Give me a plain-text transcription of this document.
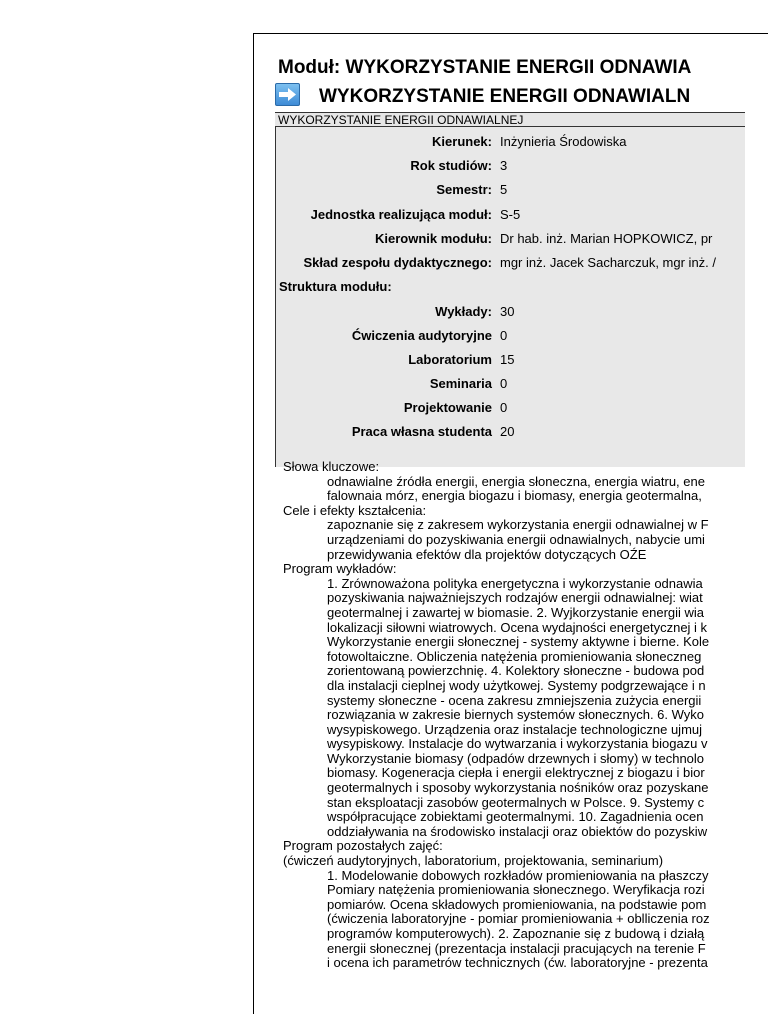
Moduł: WYKORZYSTANIE ENERGII ODNAWIA
WYKORZYSTANIE ENERGII ODNAWIALN
WYKORZYSTANIE ENERGII ODNAWIALNEJ
Kierunek: Inżynieria Środowiska
Rok studiów: 3
Semestr: 5
Jednostka realizująca moduł: S-5
Kierownik modułu: Dr hab. inż. Marian HOPKOWICZ, pr
Skład zespołu dydaktycznego: mgr inż. Jacek Sacharczuk, mgr inż. /
Struktura modułu:
Wykłady: 30
Ćwiczenia audytoryjne 0
Laboratorium 15
Seminaria 0
Projektowanie 0
Praca własna studenta 20
Słowa kluczowe:
odnawialne źródła energii, energia słoneczna, energia wiatru, ene
falownaia mórz, energia biogazu i biomasy, energia geotermalna,
Cele i efekty kształcenia:
zapoznanie się z zakresem wykorzystania energii odnawialnej w F
urządzeniami do pozyskiwania energii odnawialnych, nabycie umi
przewidywania efektów dla projektów dotyczących OŹE
Program wykładów:
1. Zrównoważona polityka energetyczna i wykorzystanie odnawia
pozyskiwania najważniejszych rodzajów energii odnawialnej: wiat
geotermalnej i zawartej w biomasie. 2. Wyjkorzystanie energii wia
lokalizacji siłowni wiatrowych. Ocena wydajności energetycznej i k
Wykorzystanie energii słonecznej - systemy aktywne i bierne. Kole
fotowoltaiczne. Obliczenia natężenia promieniowania słoneczneg
zorientowaną powierzchnię. 4. Kolektory słoneczne - budowa pod
dla instalacji cieplnej wody użytkowej. Systemy podgrzewające i n
systemy słoneczne - ocena zakresu zmniejszenia zużycia energii
rozwiązania w zakresie biernych systemów słonecznych. 6. Wyko
wysypiskowego. Urządzenia oraz instalacje technologiczne ujmuj
wysypiskowy. Instalacje do wytwarzania i wykorzystania biogazu v
Wykorzystanie biomasy (odpadów drzewnych i słomy) w technolo
biomasy. Kogeneracja ciepła i energii elektrycznej z biogazu i bior
geotermalnych i sposoby wykorzystania nośników oraz pozyskane
stan eksploatacji zasobów geotermalnych w Polsce. 9. Systemy c
współpracujące zobiektami geotermalnymi. 10. Zagadnienia ocen
oddziaływania na środowisko instalacji oraz obiektów do pozyskiw
Program pozostałych zajęć:
(ćwiczeń audytoryjnych, laboratorium, projektowania, seminarium)
1. Modelowanie dobowych rozkładów promieniowania na płaszczy
Pomiary natężenia promieniowania słonecznego. Weryfikacja rozi
pomiarów. Ocena składowych promieniowania, na podstawie pom
(ćwiczenia laboratoryjne - pomiar promieniowania + oblliczenia roz
programów komputerowych). 2. Zapoznanie się z budową i działą
energii słonecznej (prezentacja instalacji pracujących na terenie F
i ocena ich parametrów technicznych (ćw. laboratoryjne - prezenta
